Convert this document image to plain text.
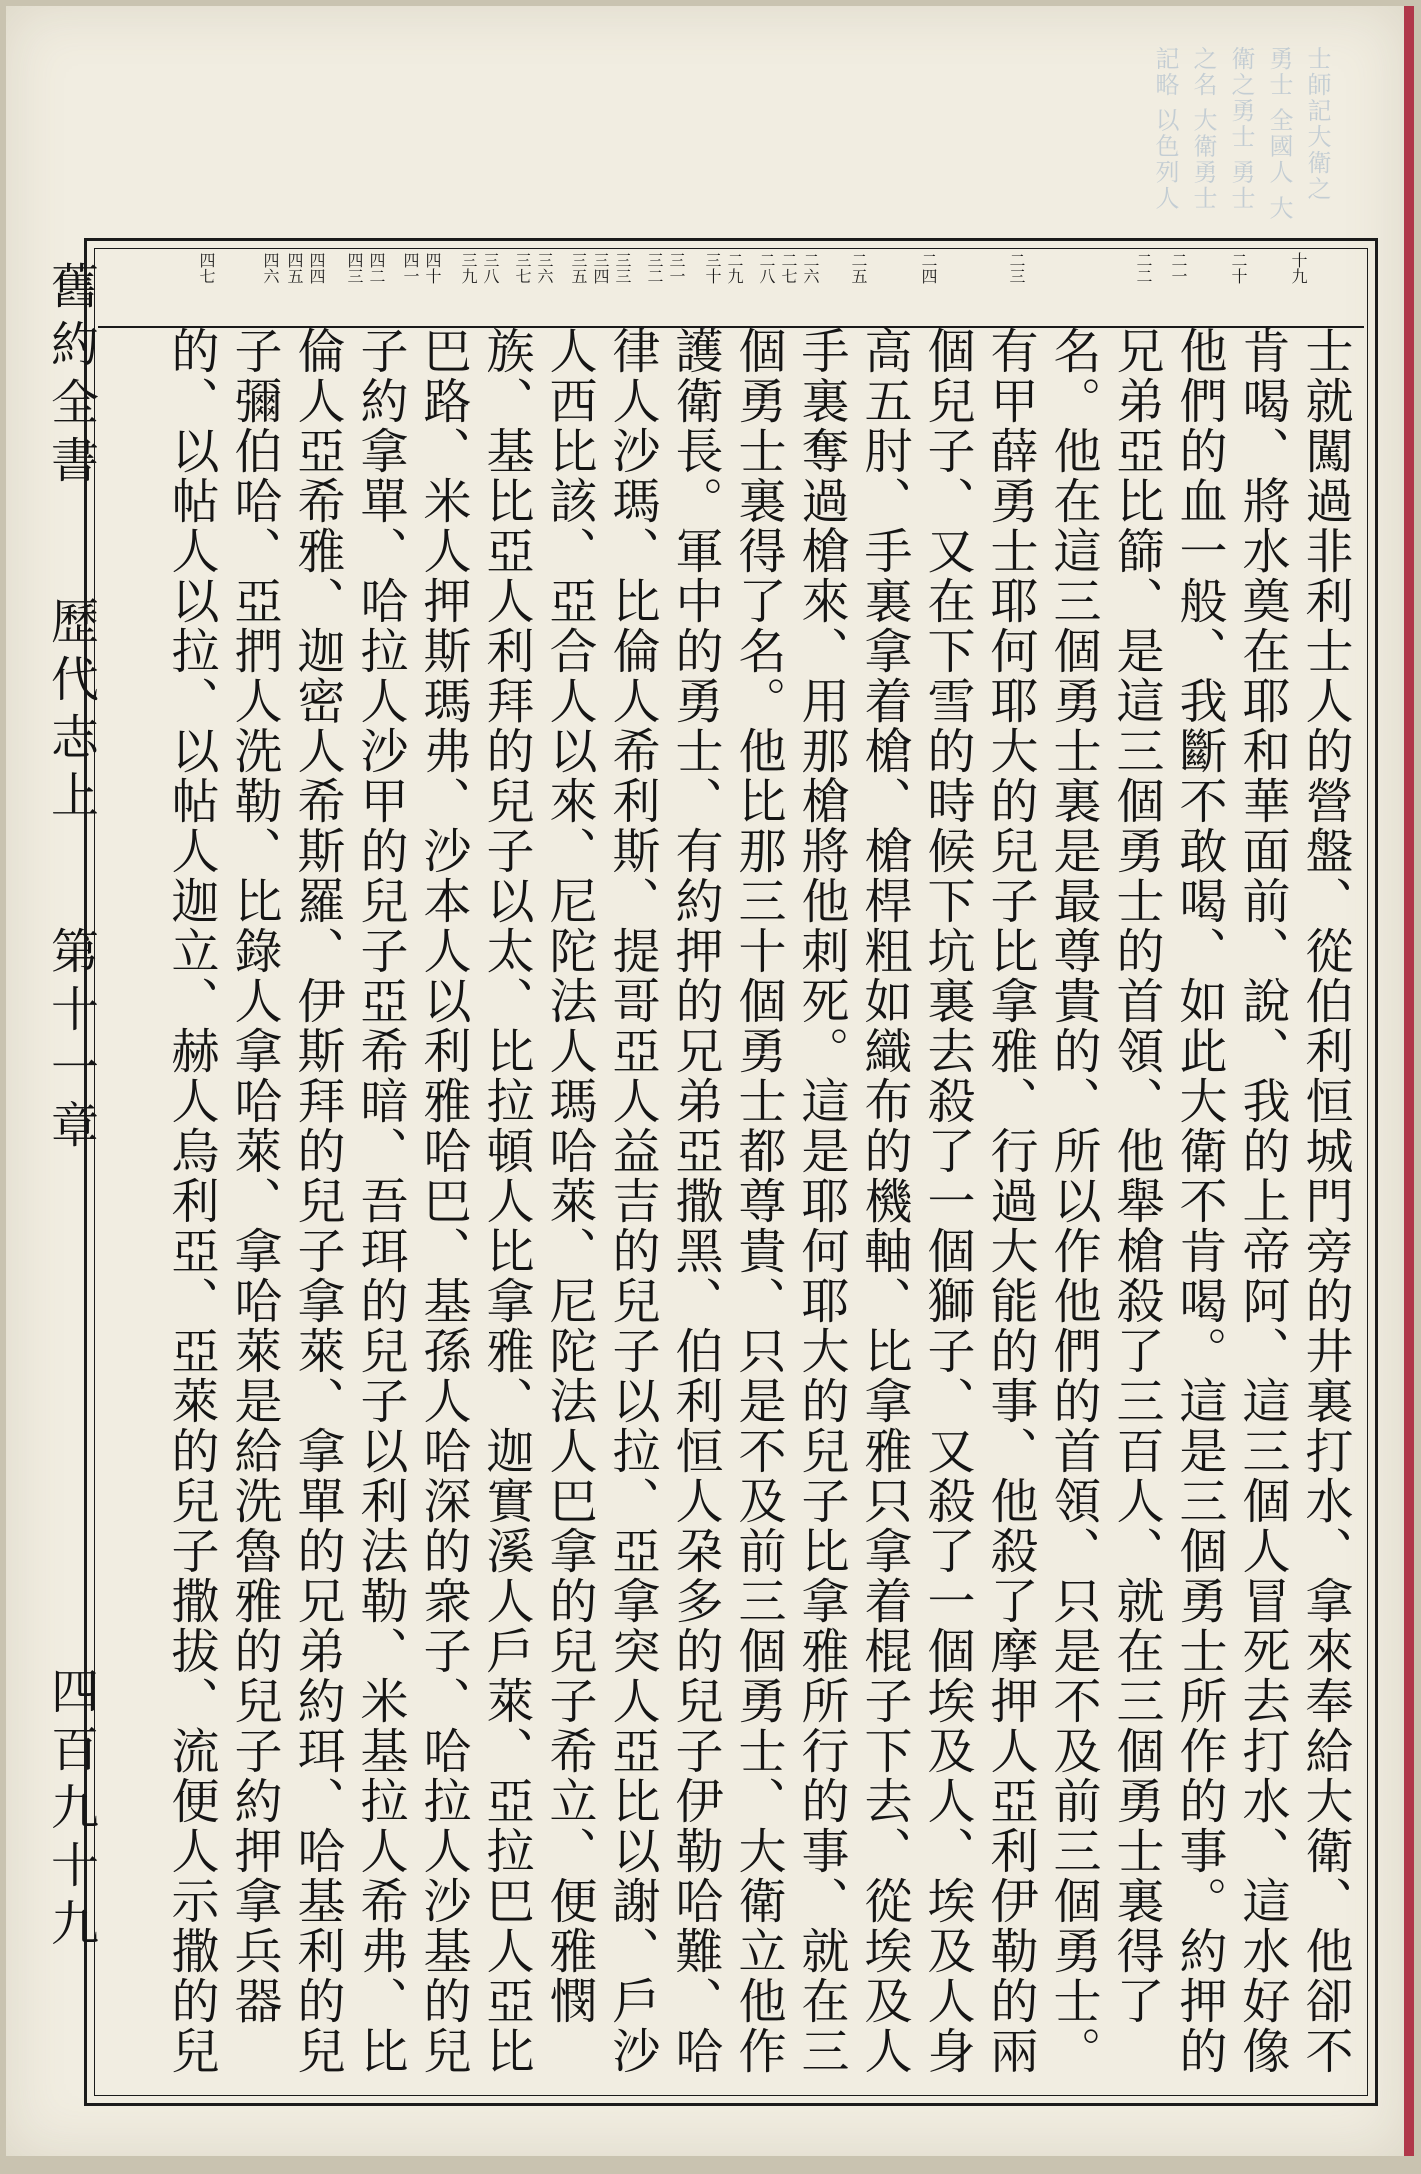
士師記大衛之勇士 全國人 大衛之勇士 勇士之名 大衛勇士記略 以色列人
十九
二十
二一
二二
二三
二四
二五
二六
二七
二八
二九
三十
三一
三二
三三
三四
三五
三六
三七
三八
三九
四十
四一
四二
四三
四四
四五
四六
四七

士就闖過非利士人的營盤、從伯利恒城門旁的井裏打水、拿來奉給大衛、他卻不肯喝、將水奠在耶和華面前、說、我的上帝阿、這三個人冒死去打水、這水好像他們的血一般、我斷不敢喝、如此大衛不肯喝。這是三個勇士所作的事。約押的兄弟亞比篩、是這三個勇士的首領、他舉槍殺了三百人、就在三個勇士裏得了名。他在這三個勇士裏是最尊貴的、所以作他們的首領、只是不及前三個勇士。有甲薛勇士耶何耶大的兒子比拿雅、行過大能的事、他殺了摩押人亞利伊勒的兩個兒子、又在下雪的時候下坑裏去殺了一個獅子、又殺了一個埃及人、埃及人身高五肘、手裏拿着槍、槍桿粗如織布的機軸、比拿雅只拿着棍子下去、從埃及人手裏奪過槍來、用那槍將他刺死。這是耶何耶大的兒子比拿雅所行的事、就在三個勇士裏得了名。他比那三十個勇士都尊貴、只是不及前三個勇士、大衛立他作護衛長。軍中的勇士、有約押的兄弟亞撒黑、伯利恒人朶多的兒子伊勒哈難、哈律人沙瑪、比倫人希利斯、提哥亞人益吉的兒子以拉、亞拿突人亞比以謝、戶沙人西比該、亞合人以來、尼陀法人瑪哈萊、尼陀法人巴拿的兒子希立、便雅憫族、基比亞人利拜的兒子以太、比拉頓人比拿雅、迦實溪人戶萊、亞拉巴人亞比巴路、米人押斯瑪弗、沙本人以利雅哈巴、基孫人哈深的衆子、哈拉人沙基的兒子約拿單、哈拉人沙甲的兒子亞希暗、吾珥的兒子以利法勒、米基拉人希弗、比倫人亞希雅、迦密人希斯羅、伊斯拜的兒子拿萊、拿單的兄弟約珥、哈基利的兒子彌伯哈、亞捫人洗勒、比錄人拿哈萊、拿哈萊是給洗魯雅的兒子約押拿兵器的、以帖人以拉、以帖人迦立、赫人烏利亞、亞萊的兒子撒拔、流便人示撒的兒

舊約全書
歷代志上
第十一章
四百九十九
